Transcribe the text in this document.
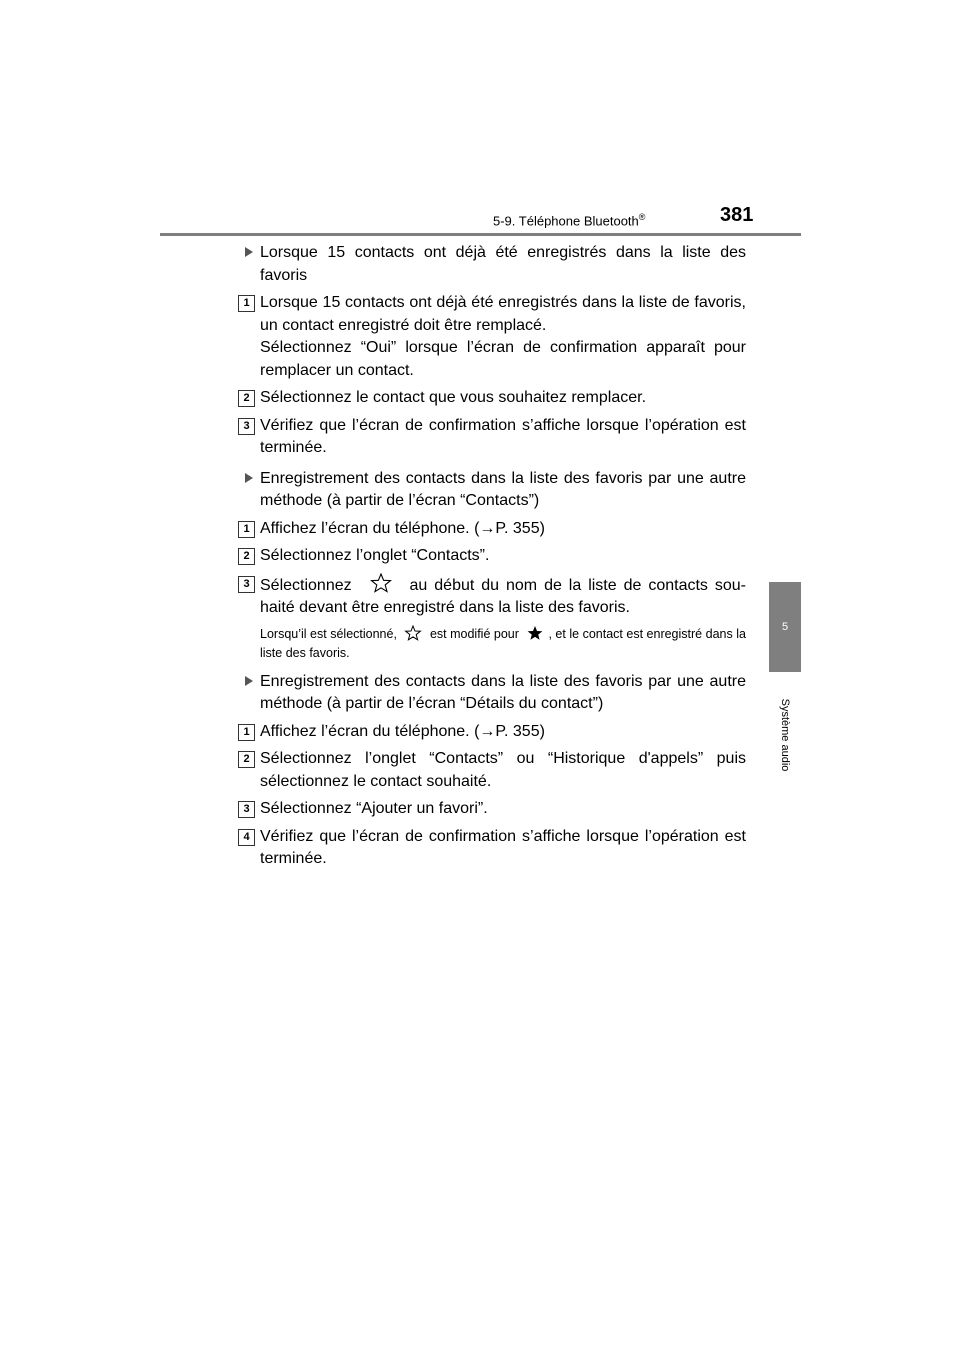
5-9. Téléphone Bluetooth®	381
5
Système audio

Lorsque 15 contacts ont déjà été enregistrés dans la liste des favoris

1 Lorsque 15 contacts ont déjà été enregistrés dans la liste de favoris, un contact enregistré doit être remplacé.

Sélectionnez “Oui” lorsque l’écran de confirmation apparaît pour remplacer un contact.

2 Sélectionnez le contact que vous souhaitez remplacer.

3 Vérifiez que l’écran de confirmation s’affiche lorsque l’opération est terminée.

Enregistrement des contacts dans la liste des favoris par une autre méthode (à partir de l’écran “Contacts”)

1 Affichez l’écran du téléphone. (→P. 355)

2 Sélectionnez l’onglet “Contacts”.

3 Sélectionnez	au début du nom de la liste de contacts souhaité devant être enregistré dans la liste des favoris.

Lorsqu’il est sélectionné,	est modifié pour , et le contact est enregistré dans la liste des favoris.

Enregistrement des contacts dans la liste des favoris par une autre méthode (à partir de l’écran “Détails du contact”)

1 Affichez l’écran du téléphone. (→P. 355)

2 Sélectionnez l’onglet “Contacts” ou “Historique d'appels” puis sélectionnez le contact souhaité.

3 Sélectionnez “Ajouter un favori”.

4 Vérifiez que l’écran de confirmation s’affiche lorsque l’opération est terminée.
